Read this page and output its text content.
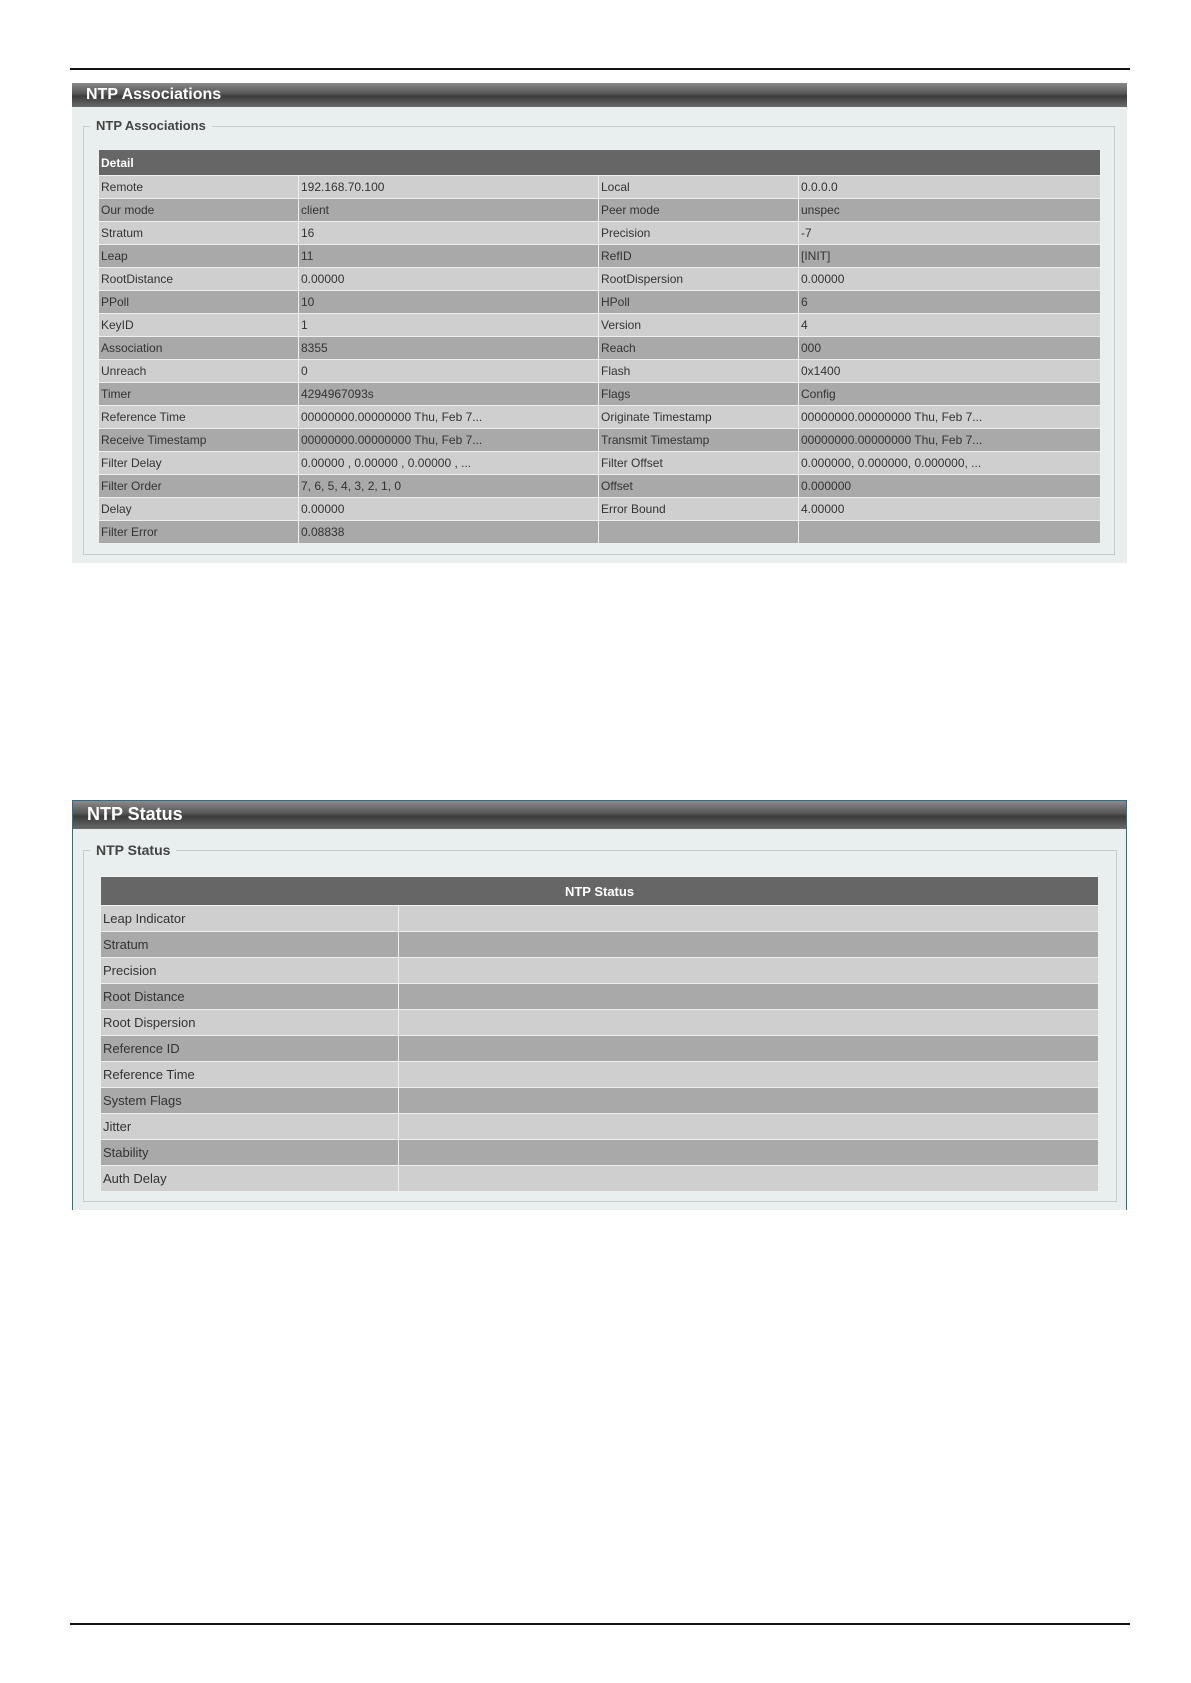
NTP Associations
NTP Associations
Detail			
Remote	192.168.70.100	Local	0.0.0.0
Our mode	client	Peer mode	unspec
Stratum	16	Precision	-7
Leap	11	RefID	[INIT]
RootDistance	0.00000	RootDispersion	0.00000
PPoll	10	HPoll	6
KeyID	1	Version	4
Association	8355	Reach	000
Unreach	0	Flash	0x1400
Timer	4294967093s	Flags	Config
Reference Time	00000000.00000000 Thu, Feb 7...	Originate Timestamp	00000000.00000000 Thu, Feb 7...
Receive Timestamp	00000000.00000000 Thu, Feb 7...	Transmit Timestamp	00000000.00000000 Thu, Feb 7...
Filter Delay	0.00000 , 0.00000 , 0.00000 , ...	Filter Offset	0.000000, 0.000000, 0.000000, ...
Filter Order	7, 6, 5, 4, 3, 2, 1, 0	Offset	0.000000
Delay	0.00000	Error Bound	4.00000
Filter Error	0.08838		
NTP Status
NTP Status
NTP Status	
Leap Indicator	
Stratum	
Precision	
Root Distance	
Root Dispersion	
Reference ID	
Reference Time	
System Flags	
Jitter	
Stability	
Auth Delay	
